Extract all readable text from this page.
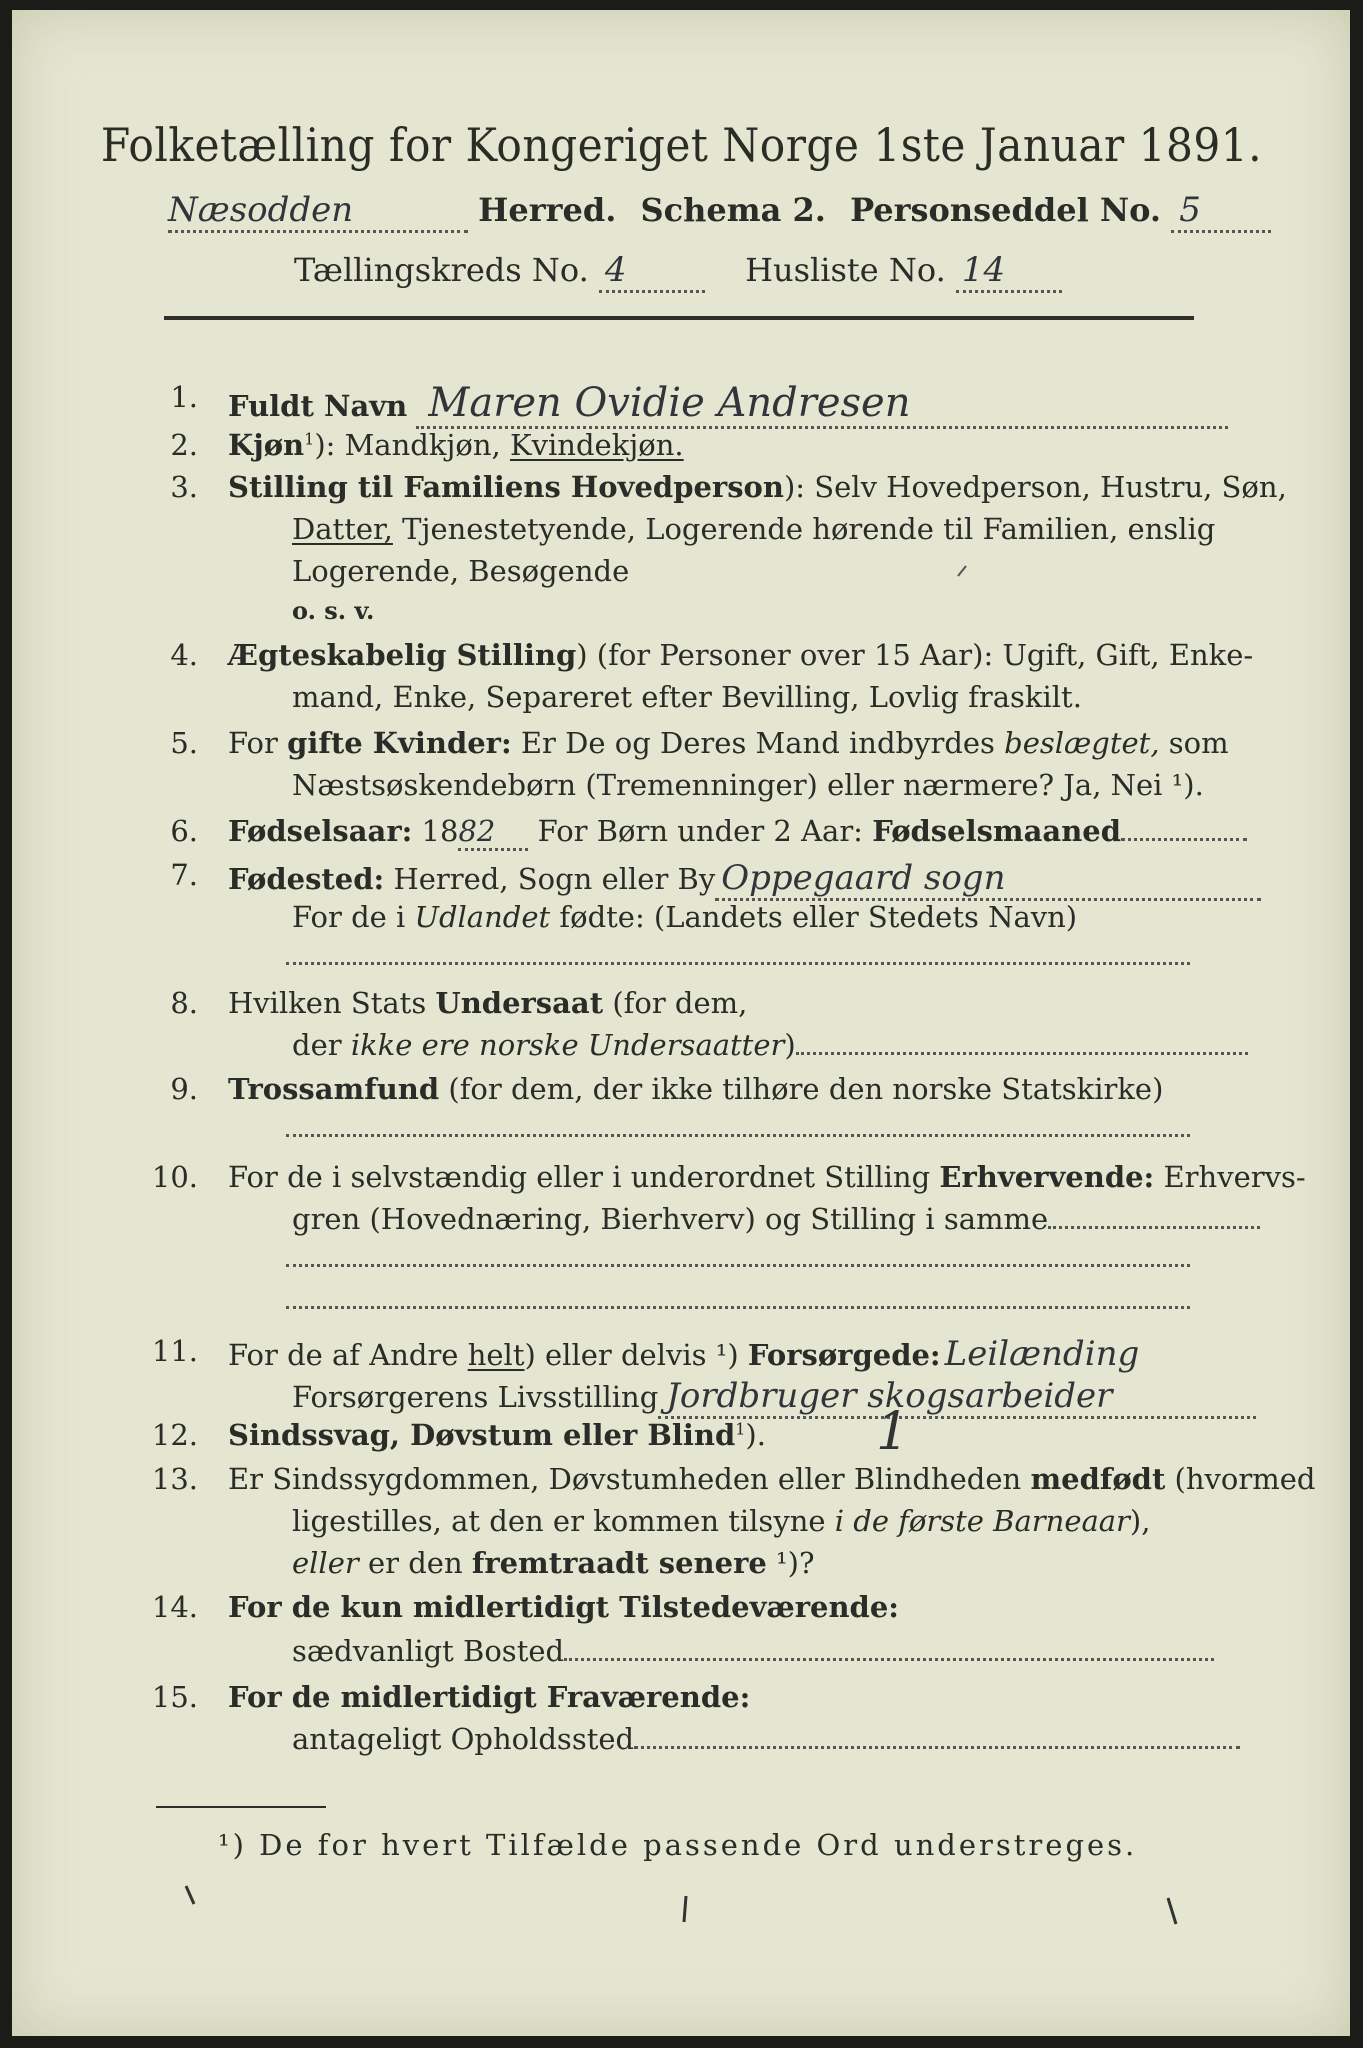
Folketælling for Kongeriget Norge 1ste Januar 1891.
Næsodden	Herred. Schema 2. Personseddel No. 5
Tællingskreds No. 4	Husliste No. 14
1. Fuldt Navn Maren Ovidie Andresen
2. Kjøn$^1$): Mandkjøn, Kvindekjøn.
3. Stilling til Familiens Hovedperson): Selv Hovedperson, Hustru, Søn,
Datter, Tjenestetyende, Logerende hørende til Familien, enslig
Logerende, Besøgende
o. s. v.
4. Ægteskabelig Stilling) (for Personer over 15 Aar): Ugift, Gift, Enke-
mand, Enke, Separeret efter Bevilling, Lovlig fraskilt.
5. For gifte Kvinder: Er De og Deres Mand indbyrdes beslægtet, som
Næstsøskendebørn (Tremenninger) eller nærmere? Ja, Nei ¹).
6. Fødselsaar: 1882 For Børn under 2 Aar: Fødselsmaaned
7. Fødested: Herred, Sogn eller By Oppegaard sogn
For de i Udlandet fødte: (Landets eller Stedets Navn)
8. Hvilken Stats Undersaat (for dem,
der ikke ere norske Undersaatter)
9. Trossamfund (for dem, der ikke tilhøre den norske Statskirke)
10. For de i selvstændig eller i underordnet Stilling Erhvervende: Erhvervs-
gren (Hovednæring, Bierhverv) og Stilling i samme
11. For de af Andre helt) eller delvis ¹) Forsørgede: Leilænding
Forsørgerens Livsstilling Jordbruger skogsarbeider
12. Sindssvag, Døvstum eller Blind$^1$). 1
13. Er Sindssygdommen, Døvstumheden eller Blindheden medfødt (hvormed
ligestilles, at den er kommen tilsyne i de første Barneaar),
eller er den fremtraadt senere ¹)?
14. For de kun midlertidigt Tilstedeværende:
sædvanligt Bosted
15. For de midlertidigt Fraværende:
antageligt Opholdssted
¹) De for hvert Tilfælde passende Ord understreges.
